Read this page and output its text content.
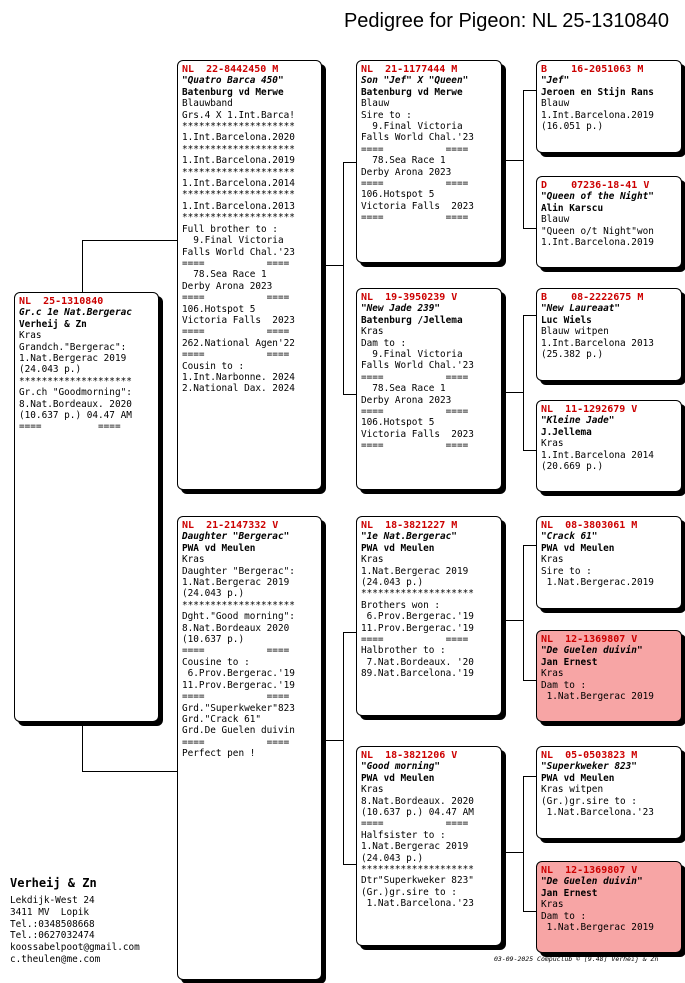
Pedigree for Pigeon: NL 25-1310840
NL  25-1310840
Gr.c 1e Nat.Bergerac
Verheij & Zn
Kras
Grandch."Bergerac":
1.Nat.Bergerac 2019
(24.043 p.)
********************
Gr.ch "Goodmorning":
8.Nat.Bordeaux. 2020
(10.637 p.) 04.47 AM
====          ====
NL  22-8442450 M
"Quatro Barca 450"
Batenburg vd Merwe
Blauwband
Grs.4 X 1.Int.Barca!
********************
1.Int.Barcelona.2020
********************
1.Int.Barcelona.2019
********************
1.Int.Barcelona.2014
********************
1.Int.Barcelona.2013
********************
Full brother to :
9.Final Victoria
Falls World Chal.'23
====           ====
78.Sea Race 1
Derby Arona 2023
====           ====
106.Hotspot 5
Victoria Falls  2023
====           ====
262.National Agen'22
====           ====
Cousin to :
1.Int.Narbonne. 2024
2.National Dax. 2024
NL  21-2147332 V
Daughter "Bergerac"
PWA vd Meulen
Kras
Daughter "Bergerac":
1.Nat.Bergerac 2019
(24.043 p.)
********************
Dght."Good morning":
8.Nat.Bordeaux 2020
(10.637 p.)
====           ====
Cousine to :
6.Prov.Bergerac.'19
11.Prov.Bergerac.'19
====           ====
Grd."Superkweker"823
Grd."Crack 61"
Grd.De Guelen duivin
====           ====
Perfect pen !
NL  21-1177444 M
Son "Jef" X "Queen"
Batenburg vd Merwe
Blauw
Sire to :
9.Final Victoria
Falls World Chal.'23
====           ====
78.Sea Race 1
Derby Arona 2023
====           ====
106.Hotspot 5
Victoria Falls  2023
====           ====
NL  19-3950239 V
"New Jade 239"
Batenburg /Jellema
Kras
Dam to :
9.Final Victoria
Falls World Chal.'23
====           ====
78.Sea Race 1
Derby Arona 2023
====           ====
106.Hotspot 5
Victoria Falls  2023
====           ====
NL  18-3821227 M
"1e Nat.Bergerac"
PWA vd Meulen
Kras
1.Nat.Bergerac 2019
(24.043 p.)
********************
Brothers won :
6.Prov.Bergerac.'19
11.Prov.Bergerac.'19
====           ====
Halbrother to :
7.Nat.Bordeaux. '20
89.Nat.Barcelona.'19
NL  18-3821206 V
"Good morning"
PWA vd Meulen
Kras
8.Nat.Bordeaux. 2020
(10.637 p.) 04.47 AM
====           ====
Halfsister to :
1.Nat.Bergerac 2019
(24.043 p.)
********************
Dtr"Superkweker 823"
(Gr.)gr.sire to :
1.Nat.Barcelona.'23
B    16-2051063 M
"Jef"
Jeroen en Stijn Rans
Blauw
1.Int.Barcelona.2019
(16.051 p.)
D    07236-18-41 V
"Queen of the Night"
Alin Karscu
Blauw
"Queen o/t Night"won
1.Int.Barcelona.2019
B    08-2222675 M
"New Laureaat"
Luc Wiels
Blauw witpen
1.Int.Barcelona 2013
(25.382 p.)
NL  11-1292679 V
"Kleine Jade"
J.Jellema
Kras
1.Int.Barcelona 2014
(20.669 p.)
NL  08-3803061 M
"Crack 61"
PWA vd Meulen
Kras
Sire to :
1.Nat.Bergerac.2019
NL  12-1369807 V
"De Guelen duivin"
Jan Ernest
Kras
Dam to :
1.Nat.Bergerac 2019
NL  05-0503823 M
"Superkweker 823"
PWA vd Meulen
Kras witpen
(Gr.)gr.sire to :
1.Nat.Barcelona.'23
NL  12-1369807 V
"De Guelen duivin"
Jan Ernest
Kras
Dam to :
1.Nat.Bergerac 2019
Verheij & Zn
Lekdijk-West 24
3411 MV  Lopik
Tel.:0348508668
Tel.:0627032474
koossabelpoot@gmail.com
c.theulen@me.com	03-09-2025 Compuclub © [9.48] Verheij & Zn
